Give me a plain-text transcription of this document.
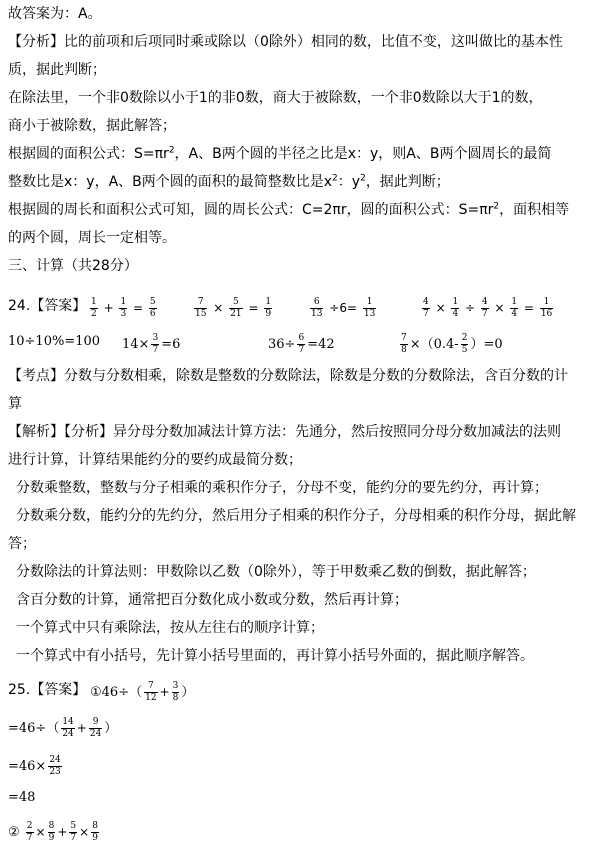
故答案为：A。
【分析】比的前项和后项同时乘或除以（0除外）相同的数，比值不变，这叫做比的基本性
质，据此判断；
在除法里，一个非0数除以小于1的非0数，商大于被除数，一个非0数除以大于1的数，
商小于被除数，据此解答；
根据圆的面积公式：$S=\pi r^2$，A、B两个圆的半径之比是x：y，则A、B两个圆周长的最简
整数比是x：y，A、B两个圆的面积的最简整数比是$x^2$：$y^2$，据此判断；
根据圆的周长和面积公式可知，圆的周长公式：C=2πr，圆的面积公式：$S=\pi r^2$，面积相等
的两个圆，周长一定相等。
三、计算（共28分）
24.【答案】 $\frac{1}{2} + \frac{1}{3} = \frac{5}{6}$	$\frac{7}{15} \times \frac{5}{21} = \frac{1}{9}$	$\frac{6}{13} \div 6= \frac{1}{13}$	$\frac{4}{7} \times \frac{1}{4} \div \frac{4}{7} \times \frac{1}{4} = \frac{1}{16}$
10÷10%=100 $14\times \frac{3}{7} =6$	$36\div \frac{6}{7} =42$	$\frac{7}{8} \times(0.4- \frac{2}{5} )=0$
【考点】分数与分数相乘，除数是整数的分数除法，除数是分数的分数除法，含百分数的计
算
【解析】【分析】异分母分数加减法计算方法：先通分，然后按照同分母分数加减法的法则
进行计算，计算结果能约分的要约成最简分数；
分数乘整数，整数与分子相乘的乘积作分子，分母不变，能约分的要先约分，再计算；
分数乘分数，能约分的先约分，然后用分子相乘的积作分子，分母相乘的积作分母，据此解
答；
分数除法的计算法则：甲数除以乙数（0除外），等于甲数乘乙数的倒数，据此解答；
含百分数的计算，通常把百分数化成小数或分数，然后再计算；
一个算式中只有乘除法，按从左往右的顺序计算；
一个算式中有小括号，先计算小括号里面的，再计算小括号外面的，据此顺序解答。
25.【答案】 ①46÷（ $\frac{7}{12} + \frac{3}{8}$ ）
$=46\div( \frac{14}{24} + \frac{9}{24}$ ）
$=46\times \frac{24}{23}$
=48
② $\frac{2}{7} \times \frac{8}{9} + \frac{5}{7} \times \frac{8}{9}$
